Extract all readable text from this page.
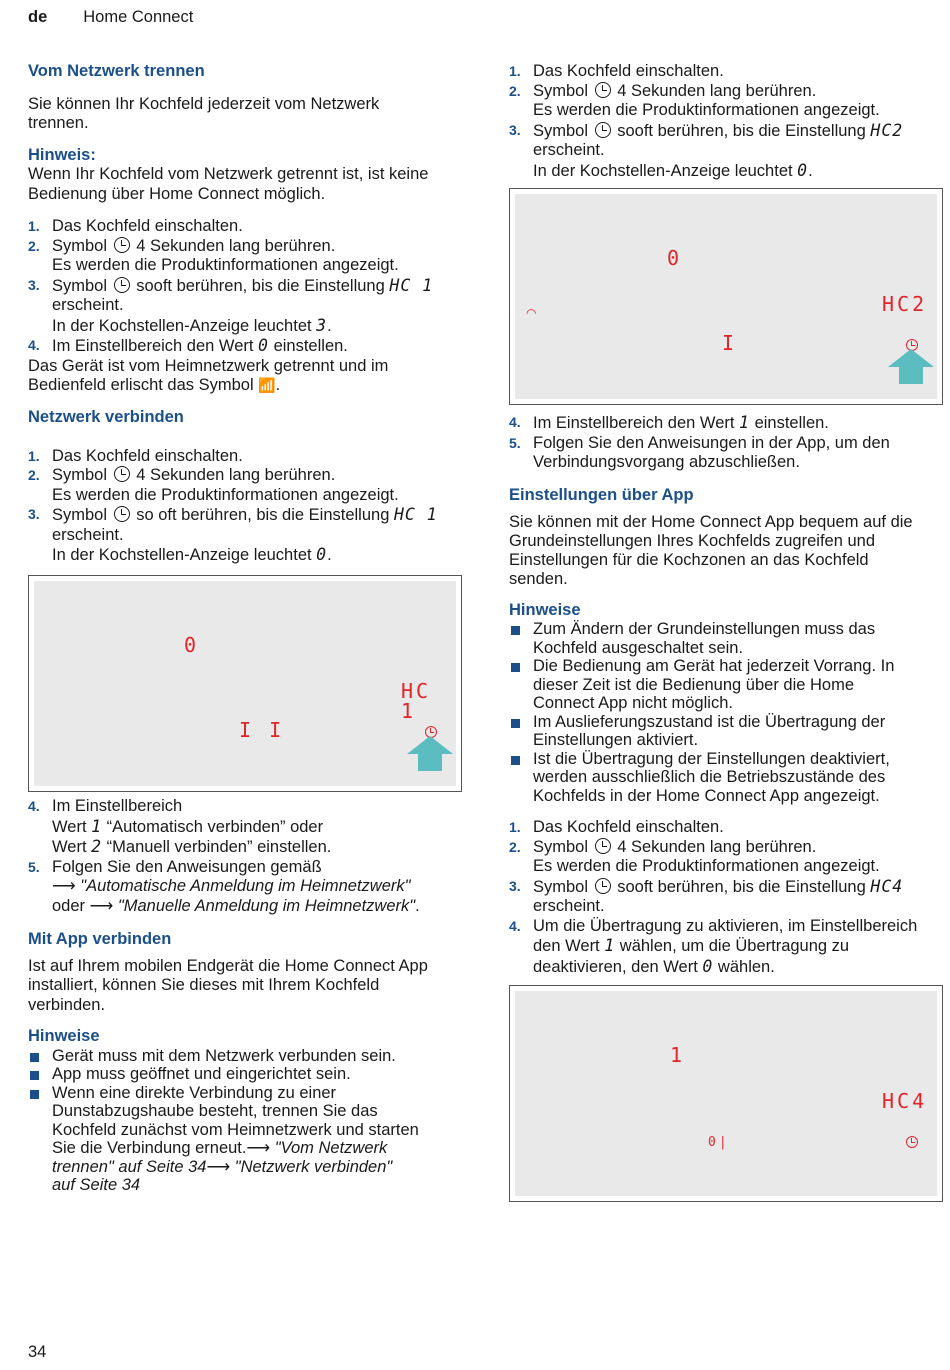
de Home Connect
Vom Netzwerk trennen

Sie können Ihr Kochfeld jederzeit vom Netzwerk

trennen.

Hinweis:

Wenn Ihr Kochfeld vom Netzwerk getrennt ist, ist keine

Bedienung über Home Connect möglich.

1. Das Kochfeld einschalten.
2. Symbol 4 Sekunden lang berühren.
Es werden die Produktinformationen angezeigt.
3. Symbol sooft berühren, bis die Einstellung HC 1
erscheint.
In der Kochstellen-Anzeige leuchtet 3.
4. Im Einstellbereich den Wert 0 einstellen.

Das Gerät ist vom Heimnetzwerk getrennt und im

Bedienfeld erlischt das Symbol 📶.

Netzwerk verbinden
1. Das Kochfeld einschalten.
2. Symbol 4 Sekunden lang berühren.
Es werden die Produktinformationen angezeigt.
3. Symbol so oft berühren, bis die Einstellung HC 1
erscheint.
In der Kochstellen-Anzeige leuchtet 0.
0
HC 1
I I
4. Im Einstellbereich
Wert 1 “Automatisch verbinden” oder
Wert 2 “Manuell verbinden” einstellen.
5. Folgen Sie den Anweisungen gemäß
⟶ "Automatische Anmeldung im Heimnetzwerk"
oder ⟶ "Manuelle Anmeldung im Heimnetzwerk".
Mit App verbinden

Ist auf Ihrem mobilen Endgerät die Home Connect App

installiert, können Sie dieses mit Ihrem Kochfeld

verbinden.

Hinweise
Gerät muss mit dem Netzwerk verbunden sein.
App muss geöffnet und eingerichtet sein.
Wenn eine direkte Verbindung zu einer
Dunstabzugshaube besteht, trennen Sie das
Kochfeld zunächst vom Heimnetzwerk und starten
Sie die Verbindung erneut.⟶ "Vom Netzwerk
trennen" auf Seite 34⟶ "Netzwerk verbinden"
auf Seite 34
1. Das Kochfeld einschalten.
2. Symbol 4 Sekunden lang berühren.
Es werden die Produktinformationen angezeigt.
3. Symbol sooft berühren, bis die Einstellung HC2
erscheint.
In der Kochstellen-Anzeige leuchtet 0.
◠
0
HC2
I
4. Im Einstellbereich den Wert 1 einstellen.
5. Folgen Sie den Anweisungen in der App, um den
Verbindungsvorgang abzuschließen.
Einstellungen über App

Sie können mit der Home Connect App bequem auf die

Grundeinstellungen Ihres Kochfelds zugreifen und

Einstellungen für die Kochzonen an das Kochfeld

senden.

Hinweise
Zum Ändern der Grundeinstellungen muss das
Kochfeld ausgeschaltet sein.
Die Bedienung am Gerät hat jederzeit Vorrang. In
dieser Zeit ist die Bedienung über die Home
Connect App nicht möglich.
Im Auslieferungszustand ist die Übertragung der
Einstellungen aktiviert.
Ist die Übertragung der Einstellungen deaktiviert,
werden ausschließlich die Betriebszustände des
Kochfelds in der Home Connect App angezeigt.
1. Das Kochfeld einschalten.
2. Symbol 4 Sekunden lang berühren.
Es werden die Produktinformationen angezeigt.
3. Symbol sooft berühren, bis die Einstellung HC4
erscheint.
4. Um die Übertragung zu aktivieren, im Einstellbereich
den Wert 1 wählen, um die Übertragung zu
deaktivieren, den Wert 0 wählen.
1
HC4
0|
34
